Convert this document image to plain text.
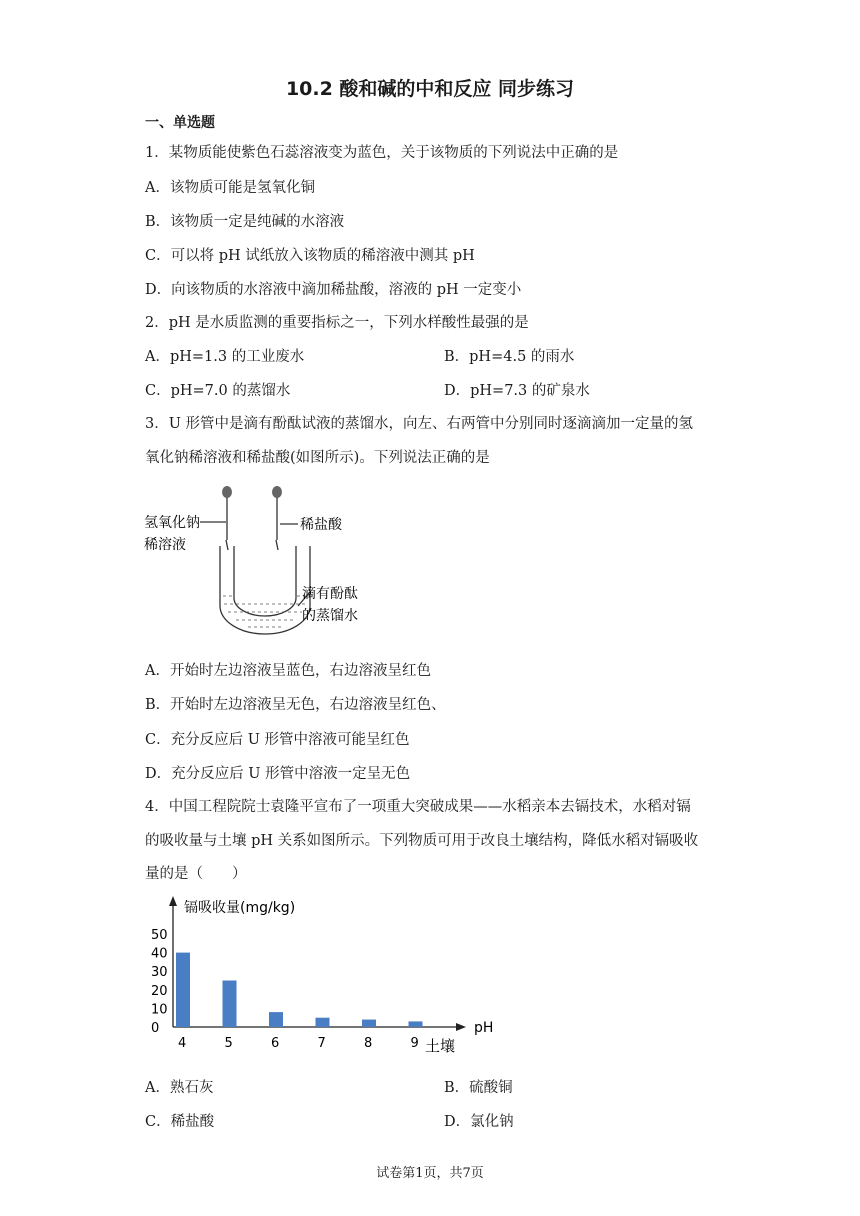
10.2 酸和碱的中和反应 同步练习
一、单选题
1．某物质能使紫色石蕊溶液变为蓝色，关于该物质的下列说法中正确的是
A．该物质可能是氢氧化铜
B．该物质一定是纯碱的水溶液
C．可以将 pH 试纸放入该物质的稀溶液中测其 pH
D．向该物质的水溶液中滴加稀盐酸，溶液的 pH 一定变小
2．pH 是水质监测的重要指标之一，下列水样酸性最强的是
A．pH=1.3 的工业废水	B．pH=4.5 的雨水
C．pH=7.0 的蒸馏水	D．pH=7.3 的矿泉水
3．U 形管中是滴有酚酞试液的蒸馏水，向左、右两管中分别同时逐滴滴加一定量的氢
氧化钠稀溶液和稀盐酸(如图所示)。下列说法正确的是
氢氧化钠
稀溶液
稀盐酸
滴有酚酞
的蒸馏水
A．开始时左边溶液呈蓝色，右边溶液呈红色
B．开始时左边溶液呈无色，右边溶液呈红色、
C．充分反应后 U 形管中溶液可能呈红色
D．充分反应后 U 形管中溶液一定呈无色
4．中国工程院院士袁隆平宣布了一项重大突破成果——水稻亲本去镉技术，水稻对镉
的吸收量与土壤 pH 关系如图所示。下列物质可用于改良土壤结构，降低水稻对镉吸收
量的是（　　）
镉吸收量(mg/kg)
pH
土壤
0
10
20
30
40
50
4	5	6	7	8	9
A．熟石灰	B．硫酸铜
C．稀盐酸	D．氯化钠
试卷第1页，共7页
